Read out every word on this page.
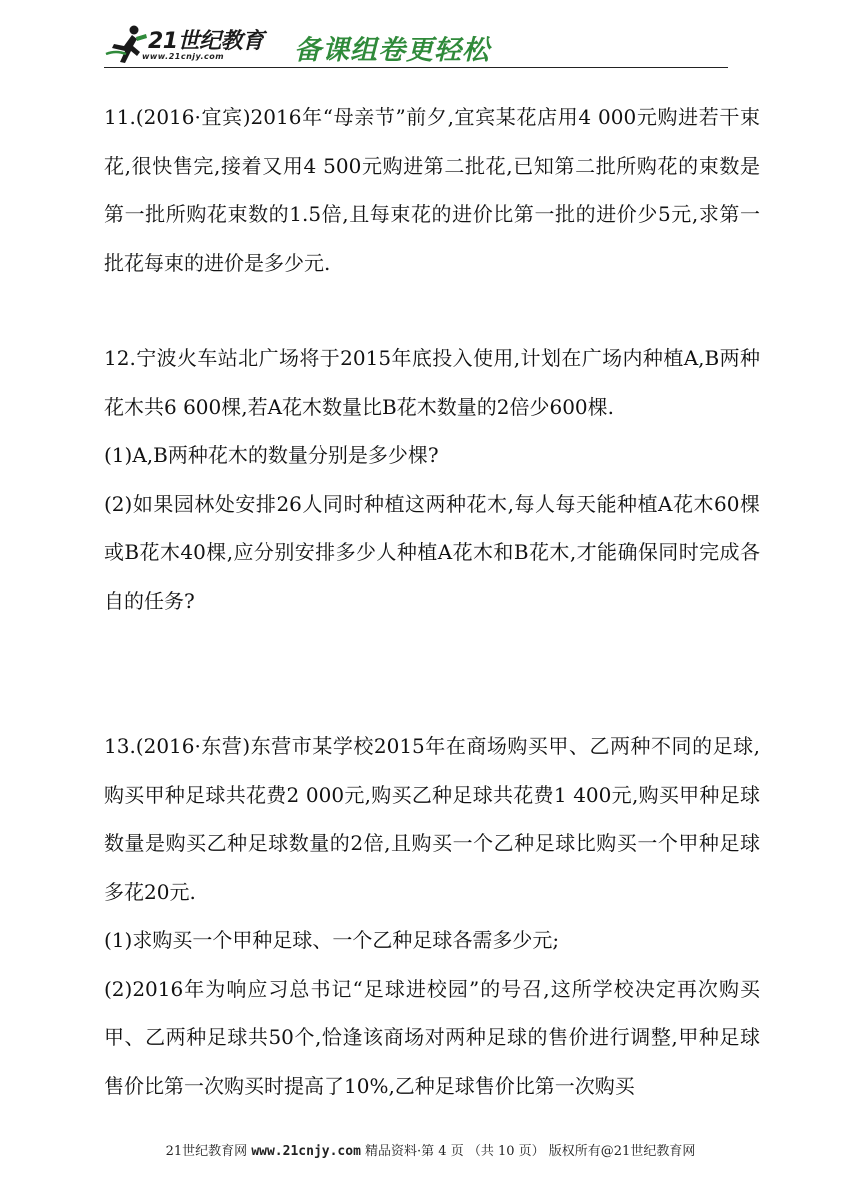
21世纪教育
www.21cnjy.com	备课组卷更轻松

11.(2016·宜宾)2016年“母亲节”前夕,宜宾某花店用4 000元购进若干束花,很快售完,接着又用4 500元购进第二批花,已知第二批所购花的束数是第一批所购花束数的1.5倍,且每束花的进价比第一批的进价少5元,求第一批花每束的进价是多少元.

12.宁波火车站北广场将于2015年底投入使用,计划在广场内种植A,B两种花木共6 600棵,若A花木数量比B花木数量的2倍少600棵.

(1)A,B两种花木的数量分别是多少棵?

(2)如果园林处安排26人同时种植这两种花木,每人每天能种植A花木60棵或B花木40棵,应分别安排多少人种植A花木和B花木,才能确保同时完成各自的任务?

13.(2016·东营)东营市某学校2015年在商场购买甲、乙两种不同的足球,购买甲种足球共花费2 000元,购买乙种足球共花费1 400元,购买甲种足球数量是购买乙种足球数量的2倍,且购买一个乙种足球比购买一个甲种足球多花20元.

(1)求购买一个甲种足球、一个乙种足球各需多少元;

(2)2016年为响应习总书记“足球进校园”的号召,这所学校决定再次购买甲、乙两种足球共50个,恰逢该商场对两种足球的售价进行调整,甲种足球售价比第一次购买时提高了10%,乙种足球售价比第一次购买

21世纪教育网 www.21cnjy.com 精品资料·第 4 页 （共 10 页） 版权所有@21世纪教育网
